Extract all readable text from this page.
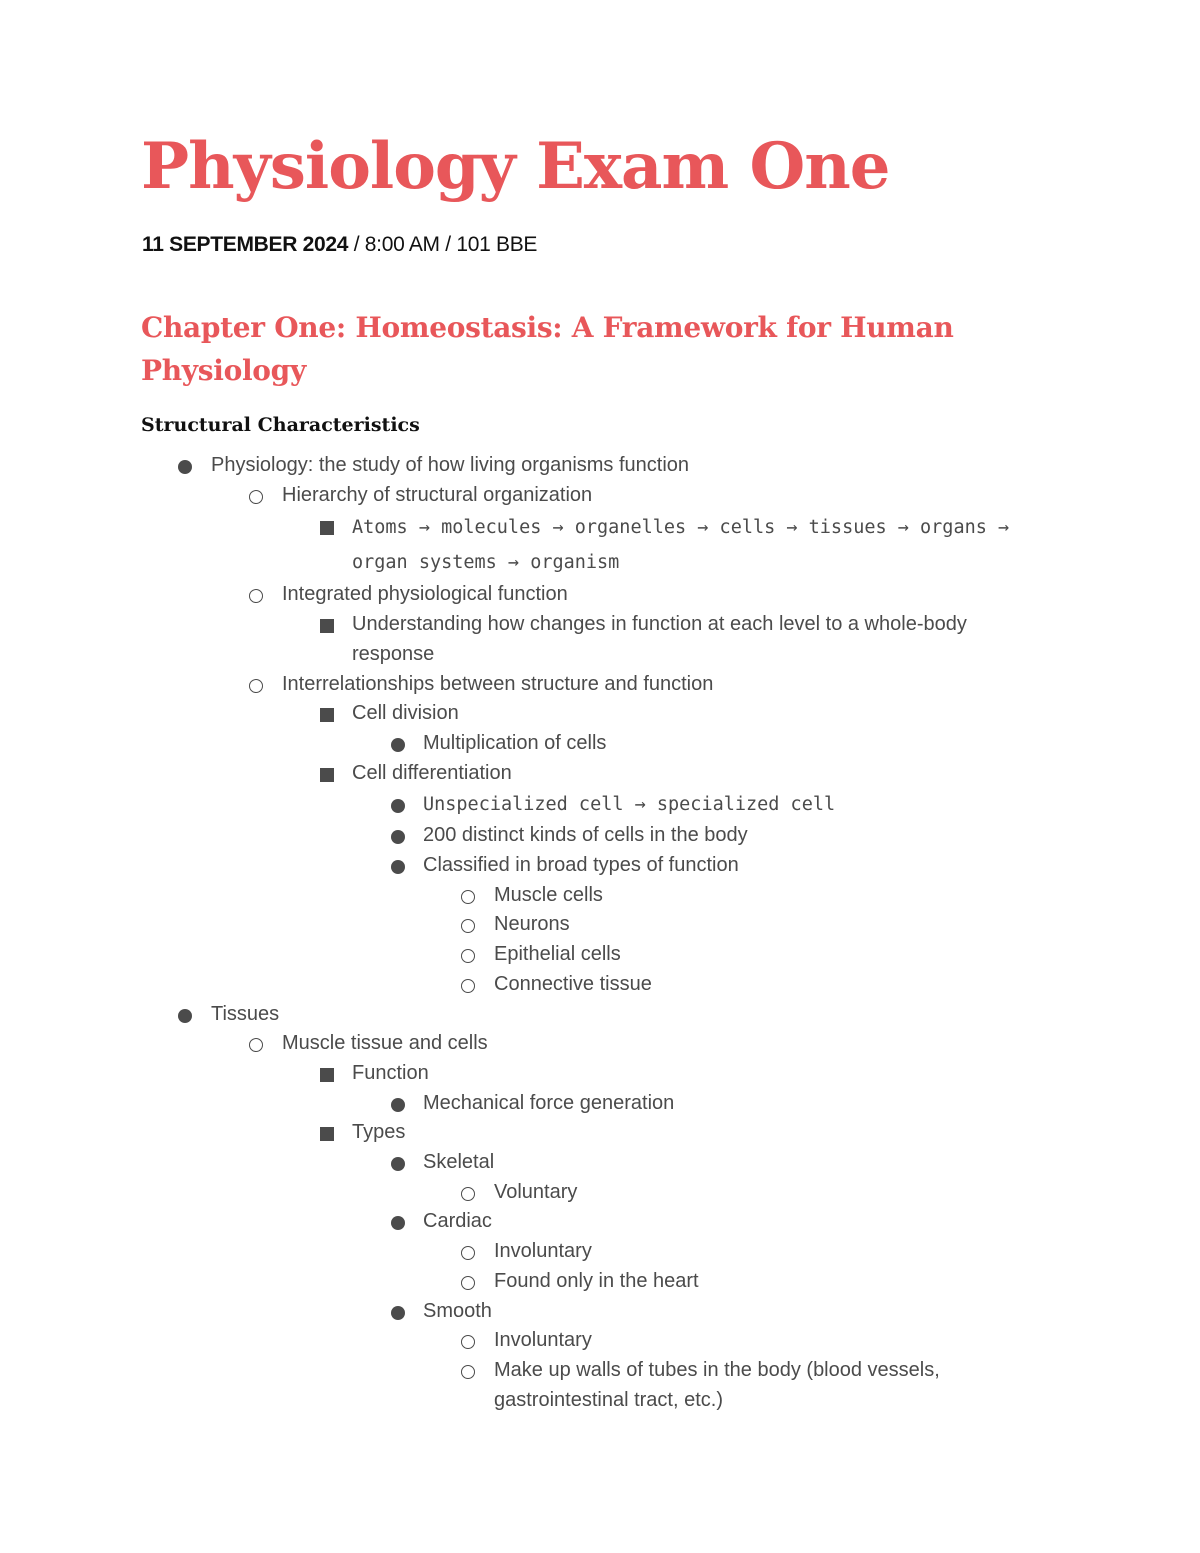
Physiology Exam One
11 SEPTEMBER 2024 / 8:00 AM / 101 BBE
Chapter One: Homeostasis: A Framework for Human Physiology
Structural Characteristics
Physiology: the study of how living organisms function
Hierarchy of structural organization
Atoms → molecules → organelles → cells → tissues → organs → organ systems → organism
Integrated physiological function
Understanding how changes in function at each level to a whole-body response
Interrelationships between structure and function
Cell division
Multiplication of cells
Cell differentiation
Unspecialized cell → specialized cell
200 distinct kinds of cells in the body
Classified in broad types of function
Muscle cells
Neurons
Epithelial cells
Connective tissue
Tissues
Muscle tissue and cells
Function
Mechanical force generation
Types
Skeletal
Voluntary
Cardiac
Involuntary
Found only in the heart
Smooth
Involuntary
Make up walls of tubes in the body (blood vessels, gastrointestinal tract, etc.)
